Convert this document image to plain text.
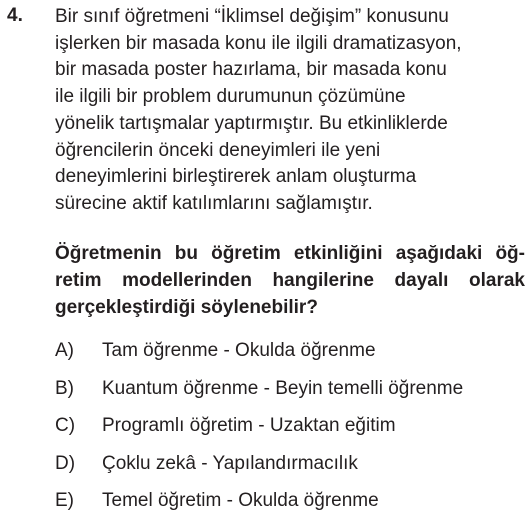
4. Bir sınıf öğretmeni “İklimsel değişim” konusunu
işlerken bir masada konu ile ilgili dramatizasyon,
bir masada poster hazırlama, bir masada konu
ile ilgili bir problem durumunun çözümüne
yönelik tartışmalar yaptırmıştır. Bu etkinliklerde
öğrencilerin önceki deneyimleri ile yeni
deneyimlerini birleştirerek anlam oluşturma
sürecine aktif katılımlarını sağlamıştır.

Öğretmenin bu öğretim etkinliğini aşağıdaki öğ-
retim modellerinden hangilerine dayalı olarak
gerçekleştirdiği söylenebilir?

A) Tam öğrenme - Okulda öğrenme
B) Kuantum öğrenme - Beyin temelli öğrenme
C) Programlı öğretim - Uzaktan eğitim
D) Çoklu zekâ - Yapılandırmacılık
E) Temel öğretim - Okulda öğrenme
